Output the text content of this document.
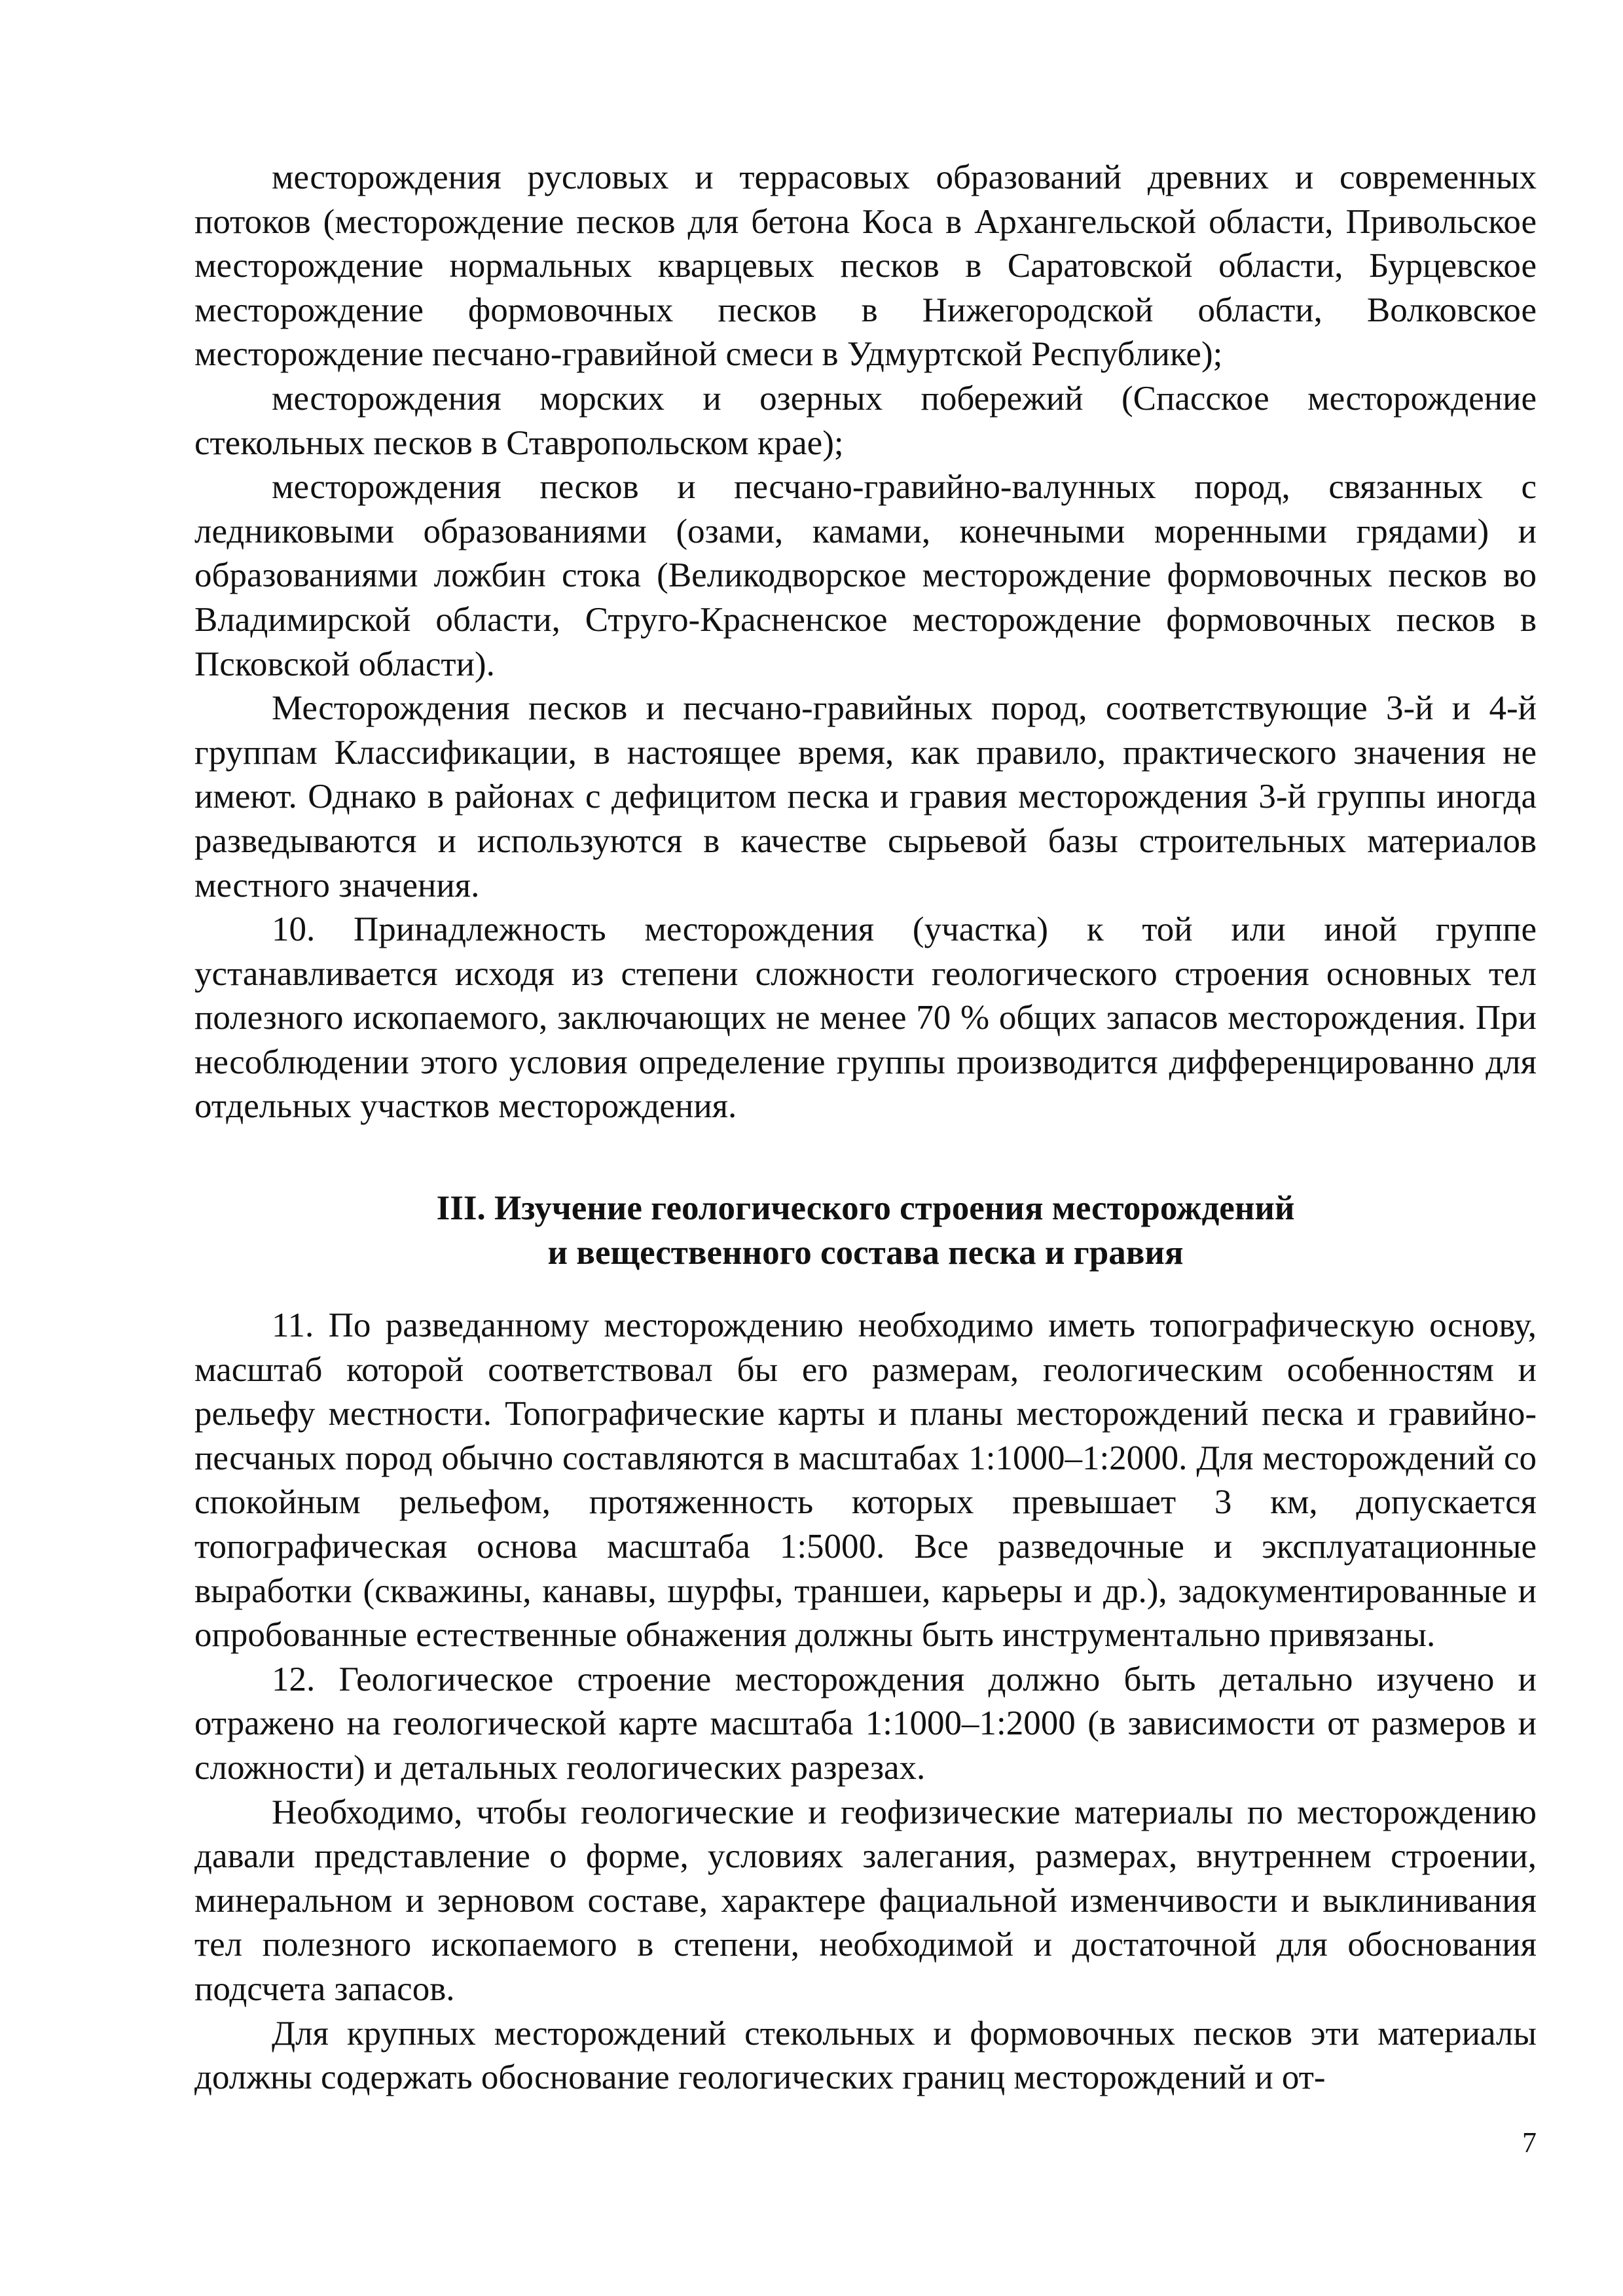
месторождения русловых и террасовых образований древних и современных потоков (месторождение песков для бетона Коса в Архангельской области, Привольское месторождение нормальных кварцевых песков в Саратовской области, Бурцевское месторождение формовочных песков в Нижегородской области, Волковское месторождение песчано-гравийной смеси в Удмуртской Республике);

месторождения морских и озерных побережий (Спасское месторождение стекольных песков в Ставропольском крае);

месторождения песков и песчано-гравийно-валунных пород, связанных с ледниковыми образованиями (озами, камами, конечными моренными грядами) и образованиями ложбин стока (Великодворское месторождение формовочных песков во Владимирской области, Струго-Красненское месторождение формовочных песков в Псковской области).

Месторождения песков и песчано-гравийных пород, соответствующие 3-й и 4-й группам Классификации, в настоящее время, как правило, практического значения не имеют. Однако в районах с дефицитом песка и гравия месторождения 3-й группы иногда разведываются и используются в качестве сырьевой базы строительных материалов местного значения.

10. Принадлежность месторождения (участка) к той или иной группе устанавливается исходя из степени сложности геологического строения основных тел полезного ископаемого, заключающих не менее 70 % общих запасов месторождения. При несоблюдении этого условия определение группы производится дифференцированно для отдельных участков месторождения.

III. Изучение геологического строения месторождений
и вещественного состава песка и гравия

11. По разведанному месторождению необходимо иметь топографическую основу, масштаб которой соответствовал бы его размерам, геологическим особенностям и рельефу местности. Топографические карты и планы месторождений песка и гравийно-песчаных пород обычно составляются в масштабах 1:1000–1:2000. Для месторождений со спокойным рельефом, протяженность которых превышает 3 км, допускается топографическая основа масштаба 1:5000. Все разведочные и эксплуатационные выработки (скважины, канавы, шурфы, траншеи, карьеры и др.), задокументированные и опробованные естественные обнажения должны быть инструментально привязаны.

12. Геологическое строение месторождения должно быть детально изучено и отражено на геологической карте масштаба 1:1000–1:2000 (в зависимости от размеров и сложности) и детальных геологических разрезах.

Необходимо, чтобы геологические и геофизические материалы по месторождению давали представление о форме, условиях залегания, размерах, внутреннем строении, минеральном и зерновом составе, характере фациальной изменчивости и выклинивания тел полезного ископаемого в степени, необходимой и достаточной для обоснования подсчета запасов.

Для крупных месторождений стекольных и формовочных песков эти материалы должны содержать обоснование геологических границ месторождений и от-

7
